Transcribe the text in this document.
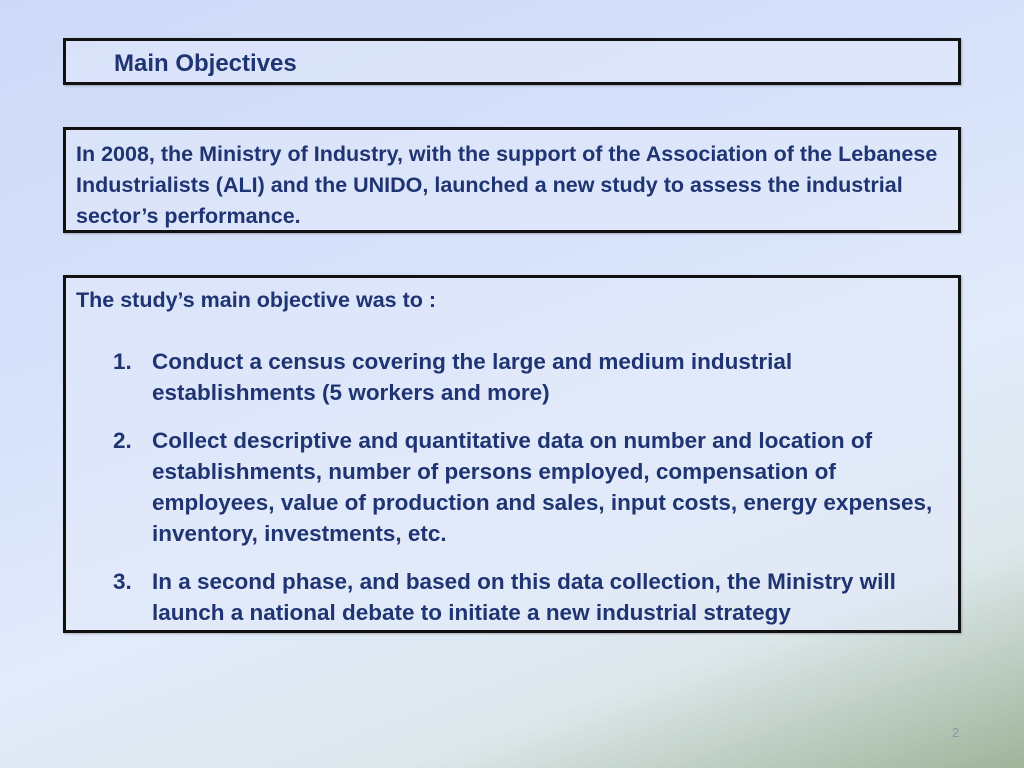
Main Objectives
In 2008, the Ministry of Industry, with the support of the Association of the Lebanese Industrialists (ALI) and the UNIDO, launched a new study to assess the industrial sector’s performance.
The study’s main objective was to :
1. Conduct a census covering the large and medium industrial establishments (5 workers and more)
2. Collect descriptive and quantitative data on number and location of establishments, number of persons employed, compensation of employees, value of production and sales, input costs, energy expenses, inventory, investments, etc.
3. In a second phase, and based on this data collection, the Ministry will launch a national debate to initiate a new industrial strategy
2
